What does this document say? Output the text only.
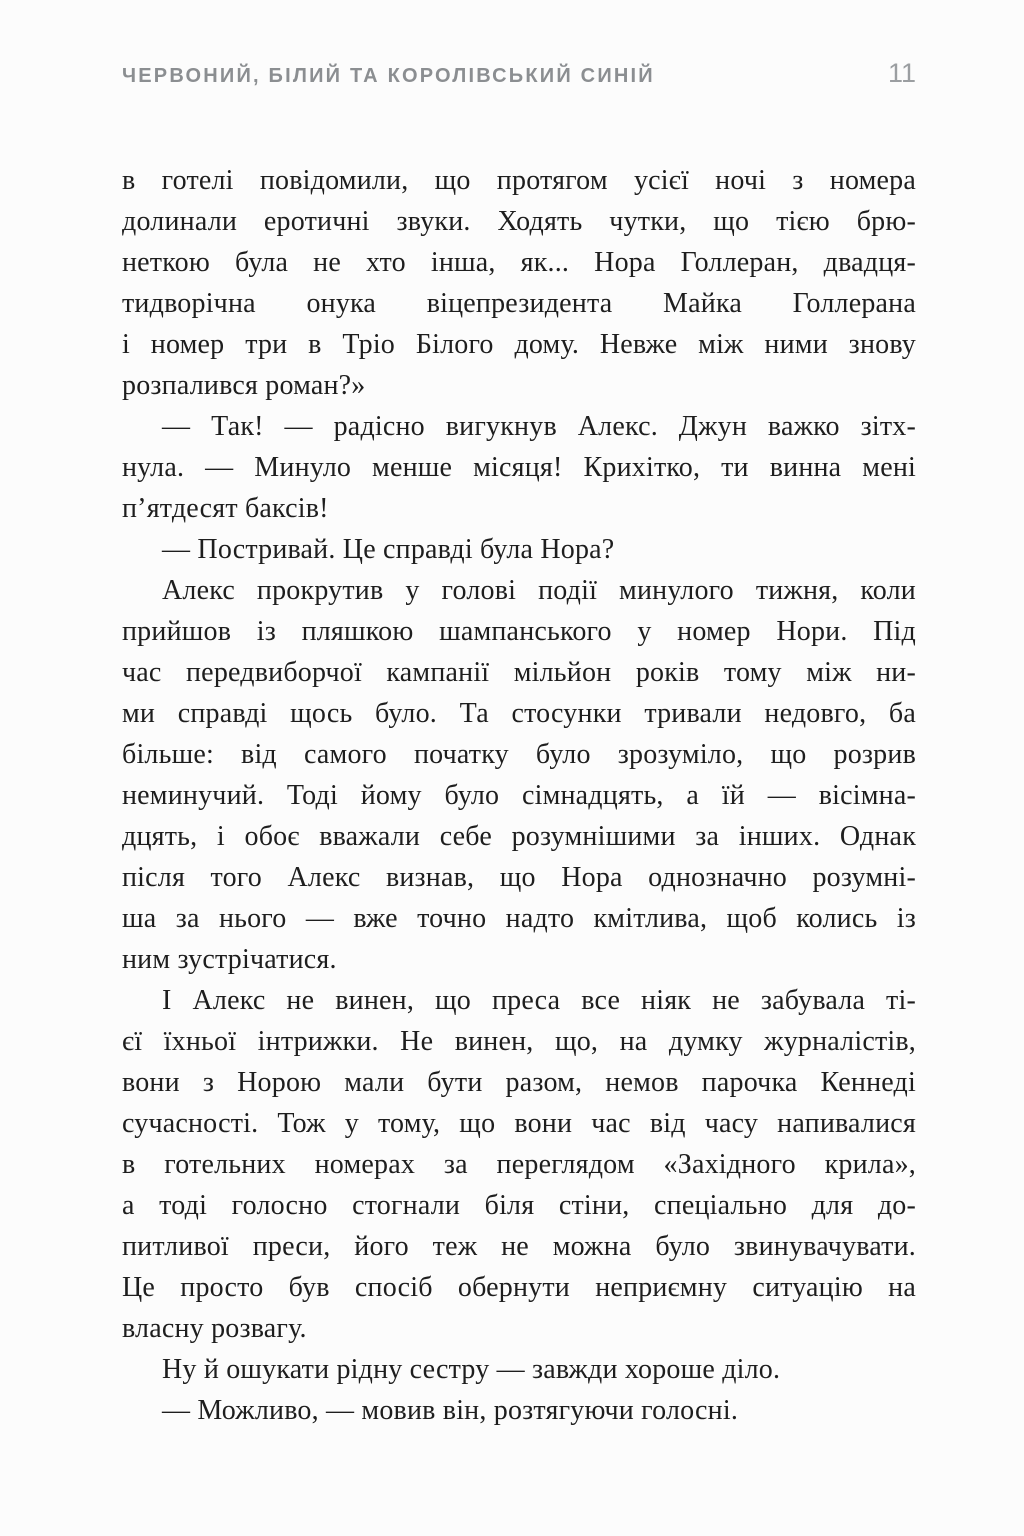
ЧЕРВОНИЙ, БІЛИЙ ТА КОРОЛІВСЬКИЙ СИНІЙ	11
в готелі повідомили, що протягом усієї ночі з номера
долинали еротичні звуки. Ходять чутки, що тією брю-
неткою була не хто інша, як... Нора Голлеран, двадця-
тидворічна онука віцепрезидента Майка Голлерана
і номер три в Тріо Білого дому. Невже між ними знову
розпалився роман?»
— Так! — радісно вигукнув Алекс. Джун важко зітх-
нула. — Минуло менше місяця! Крихітко, ти винна мені
п’ятдесят баксів!
— Постривай. Це справді була Нора?
Алекс прокрутив у голові події минулого тижня, коли
прийшов із пляшкою шампанського у номер Нори. Під
час передвиборчої кампанії мільйон років тому між ни-
ми справді щось було. Та стосунки тривали недовго, ба
більше: від самого початку було зрозуміло, що розрив
неминучий. Тоді йому було сімнадцять, а їй — вісімна-
дцять, і обоє вважали себе розумнішими за інших. Однак
після того Алекс визнав, що Нора однозначно розумні-
ша за нього — вже точно надто кмітлива, щоб колись із
ним зустрічатися.
І Алекс не винен, що преса все ніяк не забувала ті-
єї їхньої інтрижки. Не винен, що, на думку журналістів,
вони з Норою мали бути разом, немов парочка Кеннеді
сучасності. Тож у тому, що вони час від часу напивалися
в готельних номерах за переглядом «Західного крила»,
а тоді голосно стогнали біля стіни, спеціально для до-
питливої преси, його теж не можна було звинувачувати.
Це просто був спосіб обернути неприємну ситуацію на
власну розвагу.
Ну й ошукати рідну сестру — завжди хороше діло.
— Можливо, — мовив він, розтягуючи голосні.
